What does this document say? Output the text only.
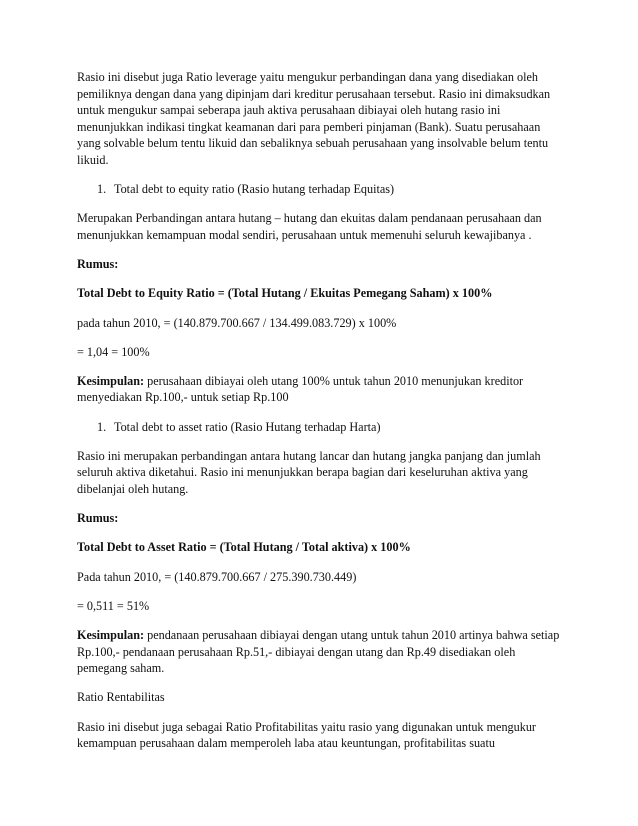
Rasio ini disebut juga Ratio leverage yaitu mengukur perbandingan dana yang disediakan oleh pemiliknya dengan dana yang dipinjam dari kreditur perusahaan tersebut. Rasio ini dimaksudkan untuk mengukur sampai seberapa jauh aktiva perusahaan dibiayai oleh hutang rasio ini menunjukkan indikasi tingkat keamanan dari para pemberi pinjaman (Bank). Suatu perusahaan yang solvable belum tentu likuid dan sebaliknya sebuah perusahaan yang insolvable belum tentu likuid.

1. Total debt to equity ratio (Rasio hutang terhadap Equitas)

Merupakan Perbandingan antara hutang – hutang dan ekuitas dalam pendanaan perusahaan dan menunjukkan kemampuan modal sendiri, perusahaan untuk memenuhi seluruh kewajibanya .

Rumus:

Total Debt to Equity Ratio = (Total Hutang / Ekuitas Pemegang Saham) x 100%

pada tahun 2010, = (140.879.700.667 / 134.499.083.729) x 100%

= 1,04 = 100%

Kesimpulan: perusahaan dibiayai oleh utang 100% untuk tahun 2010 menunjukan kreditor menyediakan Rp.100,- untuk setiap Rp.100

1. Total debt to asset ratio (Rasio Hutang terhadap Harta)

Rasio ini merupakan perbandingan antara hutang lancar dan hutang jangka panjang dan jumlah seluruh aktiva diketahui. Rasio ini menunjukkan berapa bagian dari keseluruhan aktiva yang dibelanjai oleh hutang.

Rumus:

Total Debt to Asset Ratio = (Total Hutang / Total aktiva) x 100%

Pada tahun 2010, = (140.879.700.667 / 275.390.730.449)

= 0,511 = 51%

Kesimpulan: pendanaan perusahaan dibiayai dengan utang untuk tahun 2010 artinya bahwa setiap Rp.100,- pendanaan perusahaan Rp.51,- dibiayai dengan utang dan Rp.49 disediakan oleh pemegang saham.

Ratio Rentabilitas

Rasio ini disebut juga sebagai Ratio Profitabilitas yaitu rasio yang digunakan untuk mengukur kemampuan perusahaan dalam memperoleh laba atau keuntungan, profitabilitas suatu
